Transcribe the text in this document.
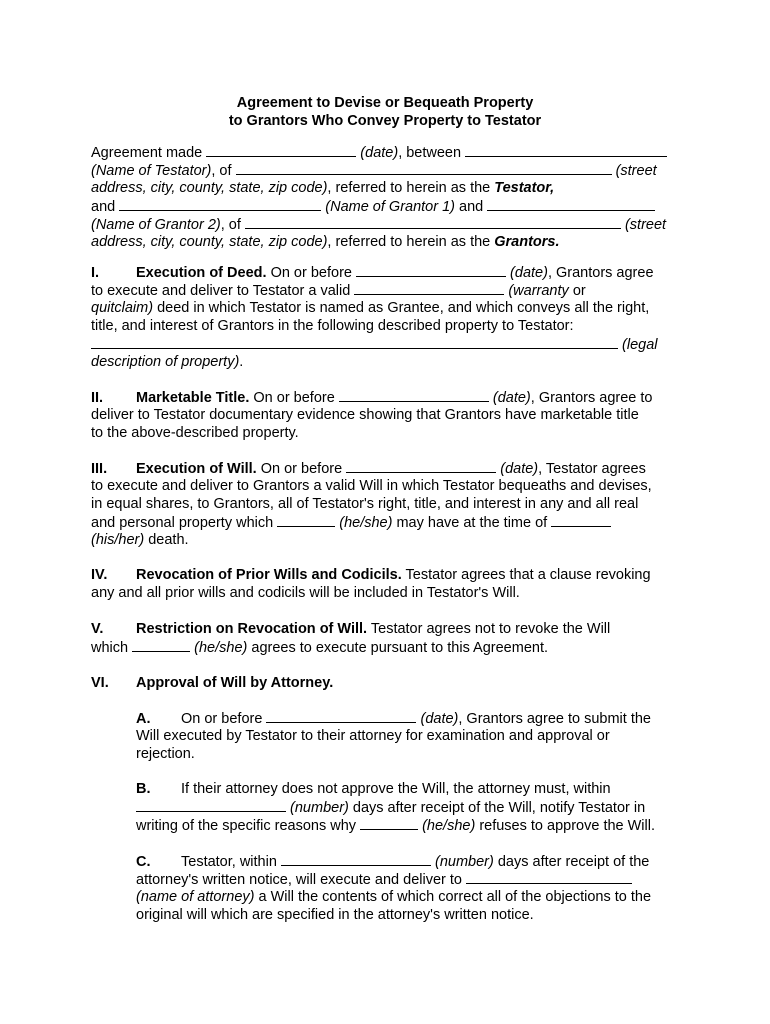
Agreement to Devise or Bequeath Property
to Grantors Who Convey Property to Testator
Agreement made	(date), between
(Name of Testator), of	(street
address, city, county, state, zip code), referred to herein as the Testator,
and	(Name of Grantor 1) and
(Name of Grantor 2), of	(street
address, city, county, state, zip code), referred to herein as the Grantors.
I.	Execution of Deed. On or before	(date), Grantors agree
to execute and deliver to Testator a valid	(warranty or
quitclaim) deed in which Testator is named as Grantee, and which conveys all the right,
title, and interest of Grantors in the following described property to Testator:
(legal
description of property).
II. Marketable Title. On or before	(date), Grantors agree to
deliver to Testator documentary evidence showing that Grantors have marketable title
to the above-described property.
III. Execution of Will. On or before	(date), Testator agrees
to execute and deliver to Grantors a valid Will in which Testator bequeaths and devises,
in equal shares, to Grantors, all of Testator's right, title, and interest in any and all real
and personal property which	(he/she) may have at the time of
(his/her) death.
IV. Revocation of Prior Wills and Codicils. Testator agrees that a clause revoking
any and all prior wills and codicils will be included in Testator's Will.
V. Restriction on Revocation of Will. Testator agrees not to revoke the Will
which	(he/she) agrees to execute pursuant to this Agreement.
VI. Approval of Will by Attorney.
A. On or before	(date), Grantors agree to submit the
Will executed by Testator to their attorney for examination and approval or
rejection.
B. If their attorney does not approve the Will, the attorney must, within
(number) days after receipt of the Will, notify Testator in
writing of the specific reasons why	(he/she) refuses to approve the Will.
C. Testator, within	(number) days after receipt of the
attorney's written notice, will execute and deliver to
(name of attorney) a Will the contents of which correct all of the objections to the
original will which are specified in the attorney's written notice.
